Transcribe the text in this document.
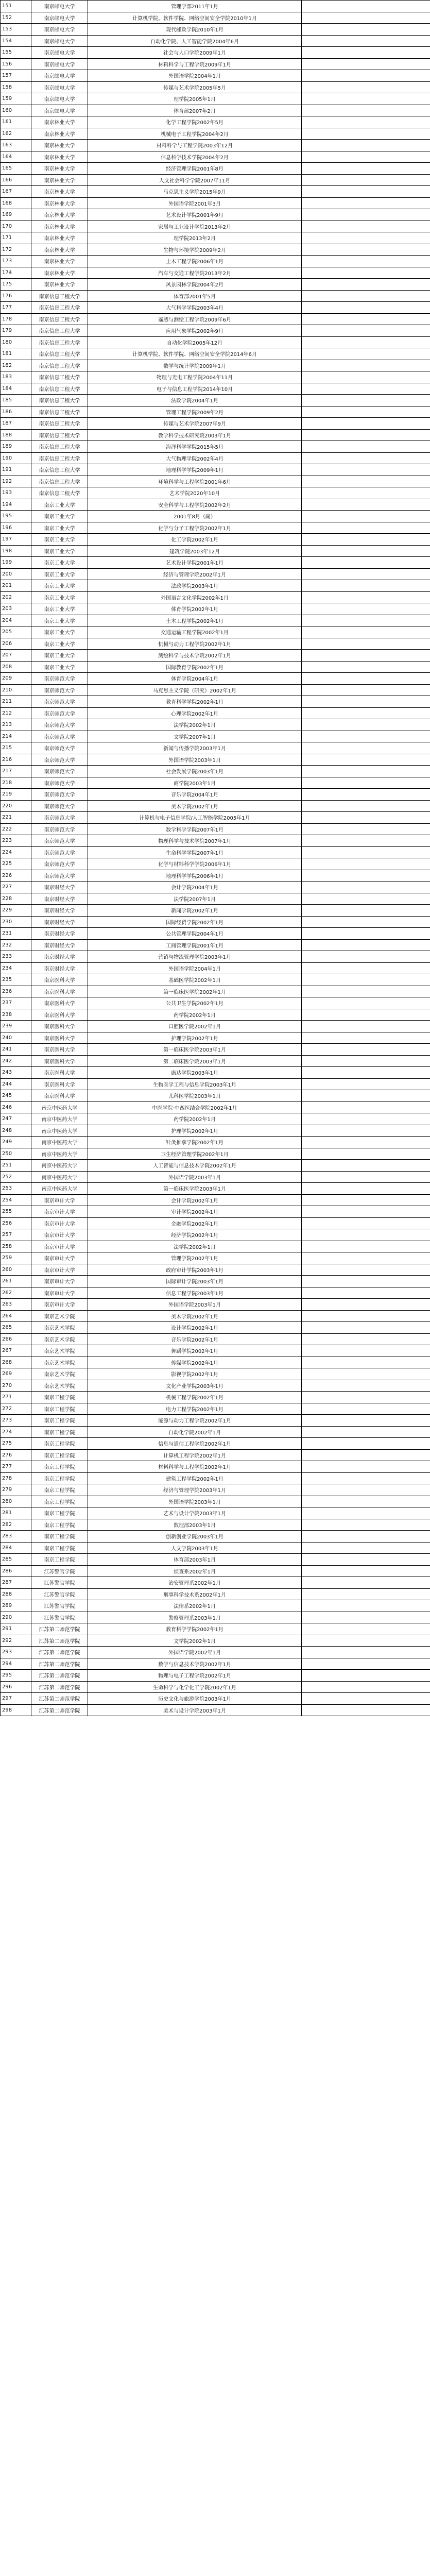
151	南京邮电大学	管理学部2011年1月	
152	南京邮电大学	计算机学院、软件学院、网络空间安全学院2010年1月	
153	南京邮电大学	现代邮政学院2010年1月	
154	南京邮电大学	自动化学院、人工智能学院2004年6月	
155	南京邮电大学	社会与人口学院2009年1月	
156	南京邮电大学	材料科学与工程学院2009年1月	
157	南京邮电大学	外国语学院2004年1月	
158	南京邮电大学	传媒与艺术学院2005年5月	
159	南京邮电大学	理学院2005年1月	
160	南京邮电大学	体育部2007年2月	
161	南京林业大学	化学工程学院2002年5月	
162	南京林业大学	机械电子工程学院2004年2月	
163	南京林业大学	材料科学与工程学院2003年12月	
164	南京林业大学	信息科学技术学院2004年2月	
165	南京林业大学	经济管理学院2001年8月	
166	南京林业大学	人文社会科学学院2007年11月	
167	南京林业大学	马克思主义学院2015年9月	
168	南京林业大学	外国语学院2001年3月	
169	南京林业大学	艺术设计学院2001年9月	
170	南京林业大学	家居与工业设计学院2013年2月	
171	南京林业大学	理学院2013年2月	
172	南京林业大学	生物与环境学院2009年2月	
173	南京林业大学	土木工程学院2006年1月	
174	南京林业大学	汽车与交通工程学院2013年2月	
175	南京林业大学	风景园林学院2004年2月	
176	南京信息工程大学	体育部2001年5月	
177	南京信息工程大学	大气科学学院2003年4月	
178	南京信息工程大学	遥感与测绘工程学院2009年6月	
179	南京信息工程大学	应用气象学院2002年9月	
180	南京信息工程大学	自动化学院2005年12月	
181	南京信息工程大学	计算机学院、软件学院、网络空间安全学院2014年6月	
182	南京信息工程大学	数学与统计学院2009年1月	
183	南京信息工程大学	物理与光电工程学院2004年11月	
184	南京信息工程大学	电子与信息工程学院2014年10月	
185	南京信息工程大学	法政学院2004年1月	
186	南京信息工程大学	管理工程学院2009年2月	
187	南京信息工程大学	传媒与艺术学院2007年9月	
188	南京信息工程大学	教学科学技术研究院2003年1月	
189	南京信息工程大学	海洋科学学院2015年5月	
190	南京信息工程大学	大气物理学院2002年4月	
191	南京信息工程大学	地理科学学院2009年1月	
192	南京信息工程大学	环境科学与工程学院2001年6月	
193	南京信息工程大学	艺术学院2020年10月	
194	南京工业大学	安全科学与工程学院2002年2月	
195	南京工业大学	2001年8月（副）	
196	南京工业大学	化学与分子工程学院2002年1月	
197	南京工业大学	化工学院2002年1月	
198	南京工业大学	建筑学院2003年12月	
199	南京工业大学	艺术设计学院2001年1月	
200	南京工业大学	经济与管理学院2002年1月	
201	南京工业大学	法政学院2003年1月	
202	南京工业大学	外国语言文化学院2002年1月	
203	南京工业大学	体育学院2002年1月	
204	南京工业大学	土木工程学院2002年1月	
205	南京工业大学	交通运输工程学院2002年1月	
206	南京工业大学	机械与动力工程学院2002年1月	
207	南京工业大学	测绘科学与技术学院2002年1月	
208	南京工业大学	国际教育学院2002年1月	
209	南京师范大学	体育学院2004年1月	
210	南京师范大学	马克思主义学院（研究）2002年1月	
211	南京师范大学	教育科学学院2002年1月	
212	南京师范大学	心理学院2002年1月	
213	南京师范大学	法学院2002年1月	
214	南京师范大学	文学院2007年1月	
215	南京师范大学	新闻与传播学院2003年1月	
216	南京师范大学	外国语学院2003年1月	
217	南京师范大学	社会发展学院2003年1月	
218	南京师范大学	商学院2003年1月	
219	南京师范大学	音乐学院2004年1月	
220	南京师范大学	美术学院2002年1月	
221	南京师范大学	计算机与电子信息学院/人工智能学院2005年1月	
222	南京师范大学	数学科学学院2007年1月	
223	南京师范大学	物理科学与技术学院2007年1月	
224	南京师范大学	生命科学学院2007年1月	
225	南京师范大学	化学与材料科学学院2006年1月	
226	南京师范大学	地理科学学院2006年1月	
227	南京财经大学	会计学院2004年1月	
228	南京财经大学	法学院2007年1月	
229	南京财经大学	新闻学院2002年1月	
230	南京财经大学	国际经贸学院2002年1月	
231	南京财经大学	公共管理学院2004年1月	
232	南京财经大学	工商管理学院2001年1月	
233	南京财经大学	营销与物流管理学院2003年1月	
234	南京财经大学	外国语学院2004年1月	
235	南京医科大学	基础医学院2002年1月	
236	南京医科大学	第一临床医学院2002年1月	
237	南京医科大学	公共卫生学院2002年1月	
238	南京医科大学	药学院2002年1月	
239	南京医科大学	口腔医学院2002年1月	
240	南京医科大学	护理学院2002年1月	
241	南京医科大学	第一临床医学院2003年1月	
242	南京医科大学	第二临床医学院2003年1月	
243	南京医科大学	康达学院2003年1月	
244	南京医科大学	生物医学工程与信息学院2003年1月	
245	南京医科大学	儿科医学院2003年1月	
246	南京中医药大学	中医学院·中西医结合学院2002年1月	
247	南京中医药大学	药学院2002年1月	
248	南京中医药大学	护理学院2002年1月	
249	南京中医药大学	针灸推拿学院2002年1月	
250	南京中医药大学	卫生经济管理学院2002年1月	
251	南京中医药大学	人工智能与信息技术学院2002年1月	
252	南京中医药大学	外国语学院2003年1月	
253	南京中医药大学	第一临床医学院2003年1月	
254	南京审计大学	会计学院2002年1月	
255	南京审计大学	审计学院2002年1月	
256	南京审计大学	金融学院2002年1月	
257	南京审计大学	经济学院2002年1月	
258	南京审计大学	法学院2002年1月	
259	南京审计大学	管理学院2002年1月	
260	南京审计大学	政府审计学院2003年1月	
261	南京审计大学	国际审计学院2003年1月	
262	南京审计大学	信息工程学院2003年1月	
263	南京审计大学	外国语学院2003年1月	
264	南京艺术学院	美术学院2002年1月	
265	南京艺术学院	设计学院2002年1月	
266	南京艺术学院	音乐学院2002年1月	
267	南京艺术学院	舞蹈学院2002年1月	
268	南京艺术学院	传媒学院2002年1月	
269	南京艺术学院	影视学院2002年1月	
270	南京艺术学院	文化产业学院2003年1月	
271	南京工程学院	机械工程学院2002年1月	
272	南京工程学院	电力工程学院2002年1月	
273	南京工程学院	能源与动力工程学院2002年1月	
274	南京工程学院	自动化学院2002年1月	
275	南京工程学院	信息与通信工程学院2002年1月	
276	南京工程学院	计算机工程学院2002年1月	
277	南京工程学院	材料科学与工程学院2002年1月	
278	南京工程学院	建筑工程学院2002年1月	
279	南京工程学院	经济与管理学院2003年1月	
280	南京工程学院	外国语学院2003年1月	
281	南京工程学院	艺术与设计学院2003年1月	
282	南京工程学院	数理部2003年1月	
283	南京工程学院	创新创业学院2003年1月	
284	南京工程学院	人文学院2003年1月	
285	南京工程学院	体育部2003年1月	
286	江苏警官学院	侦查系2002年1月	
287	江苏警官学院	治安管理系2002年1月	
288	江苏警官学院	刑事科学技术系2002年1月	
289	江苏警官学院	法律系2002年1月	
290	江苏警官学院	警察管理系2003年1月	
291	江苏第二师范学院	教育科学学院2002年1月	
292	江苏第二师范学院	文学院2002年1月	
293	江苏第二师范学院	外国语学院2002年1月	
294	江苏第二师范学院	数学与信息技术学院2002年1月	
295	江苏第二师范学院	物理与电子工程学院2002年1月	
296	江苏第二师范学院	生命科学与化学化工学院2002年1月	
297	江苏第二师范学院	历史文化与旅游学院2003年1月	
298	江苏第二师范学院	美术与设计学院2003年1月	
